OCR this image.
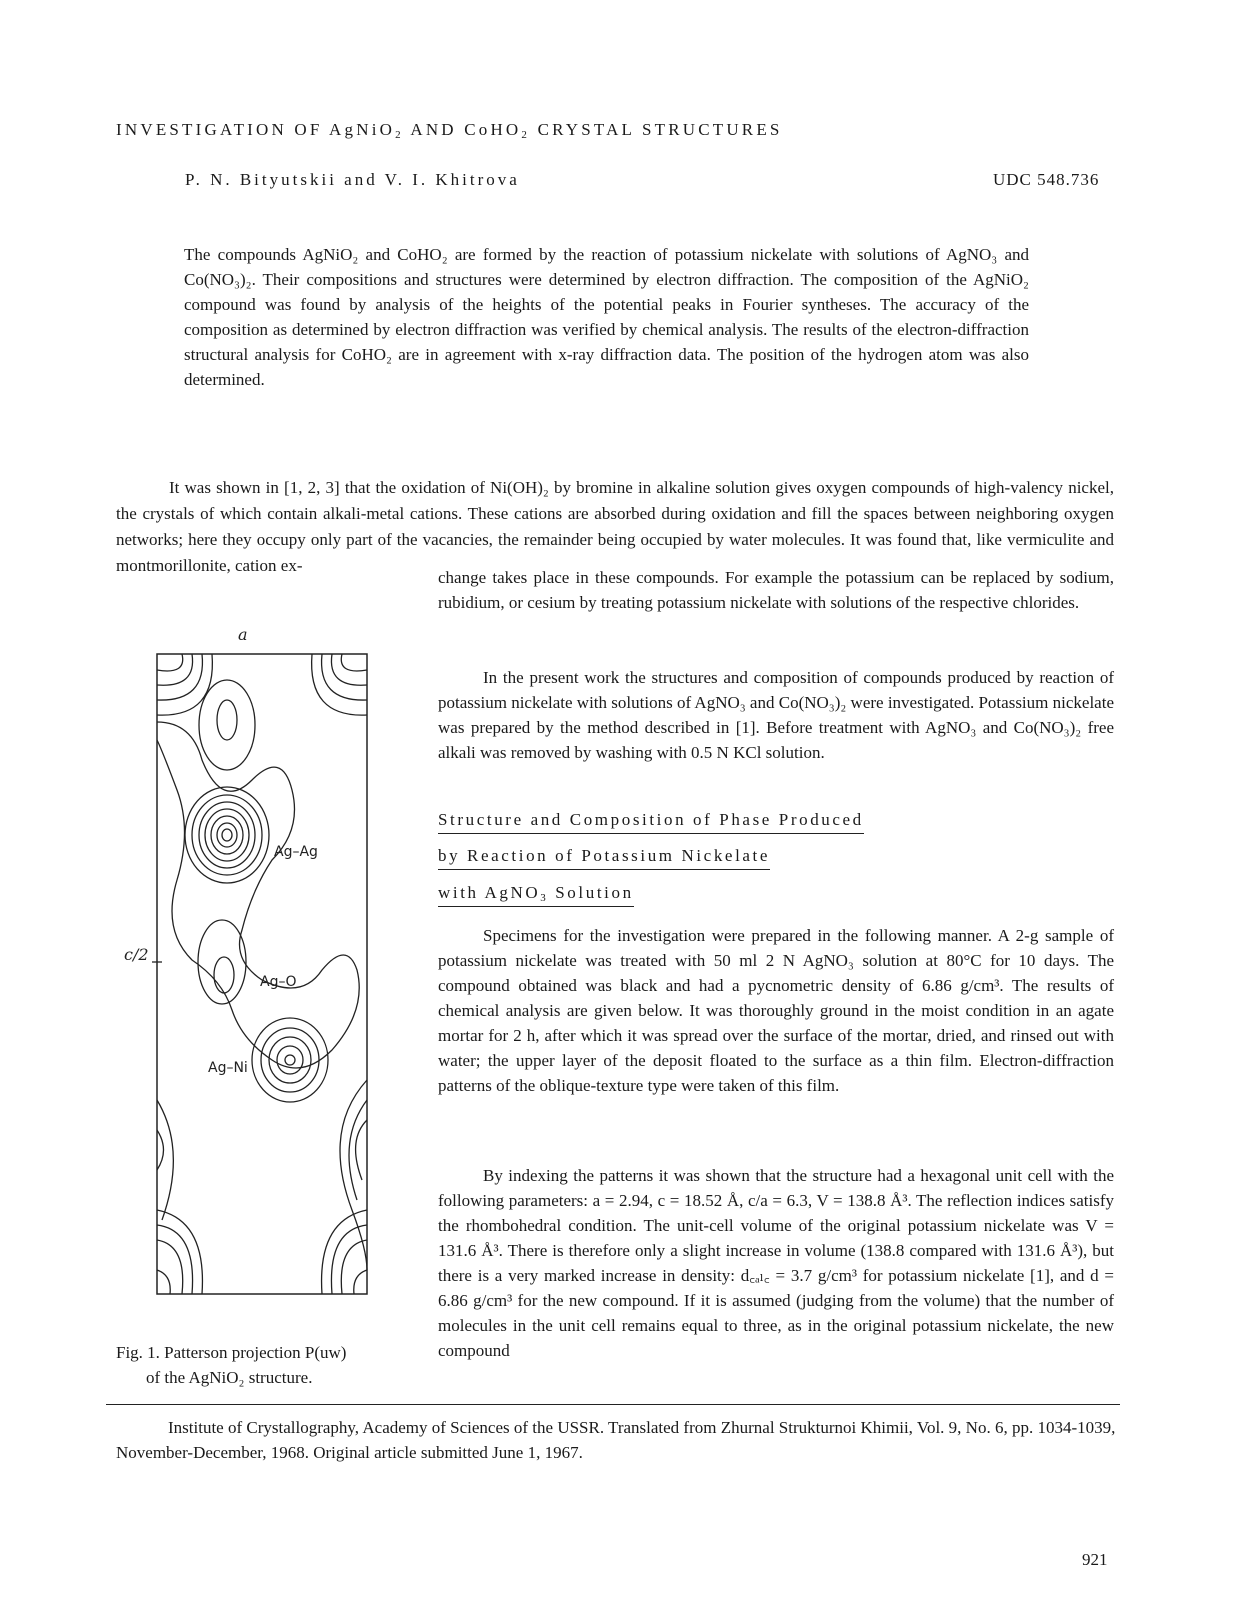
INVESTIGATION OF AgNiO$_2$ AND CoHO$_2$ CRYSTAL STRUCTURES
P. N. Bityutskii and V. I. Khitrova	UDC 548.736

The compounds AgNiO₂ and CoHO₂ are formed by the reaction of potassium nickelate with solutions of AgNO₃ and Co(NO₃)₂. Their compositions and structures were determined by electron diffraction. The composition of the AgNiO₂ compound was found by analysis of the heights of the potential peaks in Fourier syntheses. The accuracy of the composition as determined by electron diffraction was verified by chemical analysis. The results of the electron-diffraction structural analysis for CoHO₂ are in agreement with x-ray diffraction data. The position of the hydrogen atom was also determined.

It was shown in [1, 2, 3] that the oxidation of Ni(OH)₂ by bromine in alkaline solution gives oxygen compounds of high-valency nickel, the crystals of which contain alkali-metal cations. These cations are absorbed during oxidation and fill the spaces between neighboring oxygen networks; here they occupy only part of the vacancies, the remainder being occupied by water molecules. It was found that, like vermiculite and montmorillonite, cation ex-

change takes place in these compounds. For example the potassium can be replaced by sodium, rubidium, or cesium by treating potassium nickelate with solutions of the respective chlorides.

In the present work the structures and composition of compounds produced by reaction of potassium nickelate with solutions of AgNO₃ and Co(NO₃)₂ were investigated. Potassium nickelate was prepared by the method described in [1]. Before treatment with AgNO₃ and Co(NO₃)₂ free alkali was removed by washing with 0.5 N KCl solution.

Structure and Composition of Phase Produced
by Reaction of Potassium Nickelate
with AgNO$_3$ Solution

Specimens for the investigation were prepared in the following manner. A 2-g sample of potassium nickelate was treated with 50 ml 2 N AgNO₃ solution at 80°C for 10 days. The compound obtained was black and had a pycnometric density of 6.86 g/cm³. The results of chemical analysis are given below. It was thoroughly ground in the moist condition in an agate mortar for 2 h, after which it was spread over the surface of the mortar, dried, and rinsed out with water; the upper layer of the deposit floated to the surface as a thin film. Electron-diffraction patterns of the oblique-texture type were taken of this film.

By indexing the patterns it was shown that the structure had a hexagonal unit cell with the following parameters: a = 2.94, c = 18.52 Å, c/a = 6.3, V = 138.8 Å³. The reflection indices satisfy the rhombohedral condition. The unit-cell volume of the original potassium nickelate was V = 131.6 Å³. There is therefore only a slight increase in volume (138.8 compared with 131.6 Å³), but there is a very marked increase in density: d꜀ₐₗ꜀ = 3.7 g/cm³ for potassium nickelate [1], and d = 6.86 g/cm³ for the new compound. If it is assumed (judging from the volume) that the number of molecules in the unit cell remains equal to three, as in the original potassium nickelate, the new compound

a
c/2
Ag–Ag
Ag–O
Ag–Ni
Fig. 1. Patterson projection P(uw)
of the AgNiO₂ structure.
Institute of Crystallography, Academy of Sciences of the USSR. Translated from Zhurnal Strukturnoi Khimii, Vol. 9, No. 6, pp. 1034-1039, November-December, 1968. Original article submitted June 1, 1967.
921
